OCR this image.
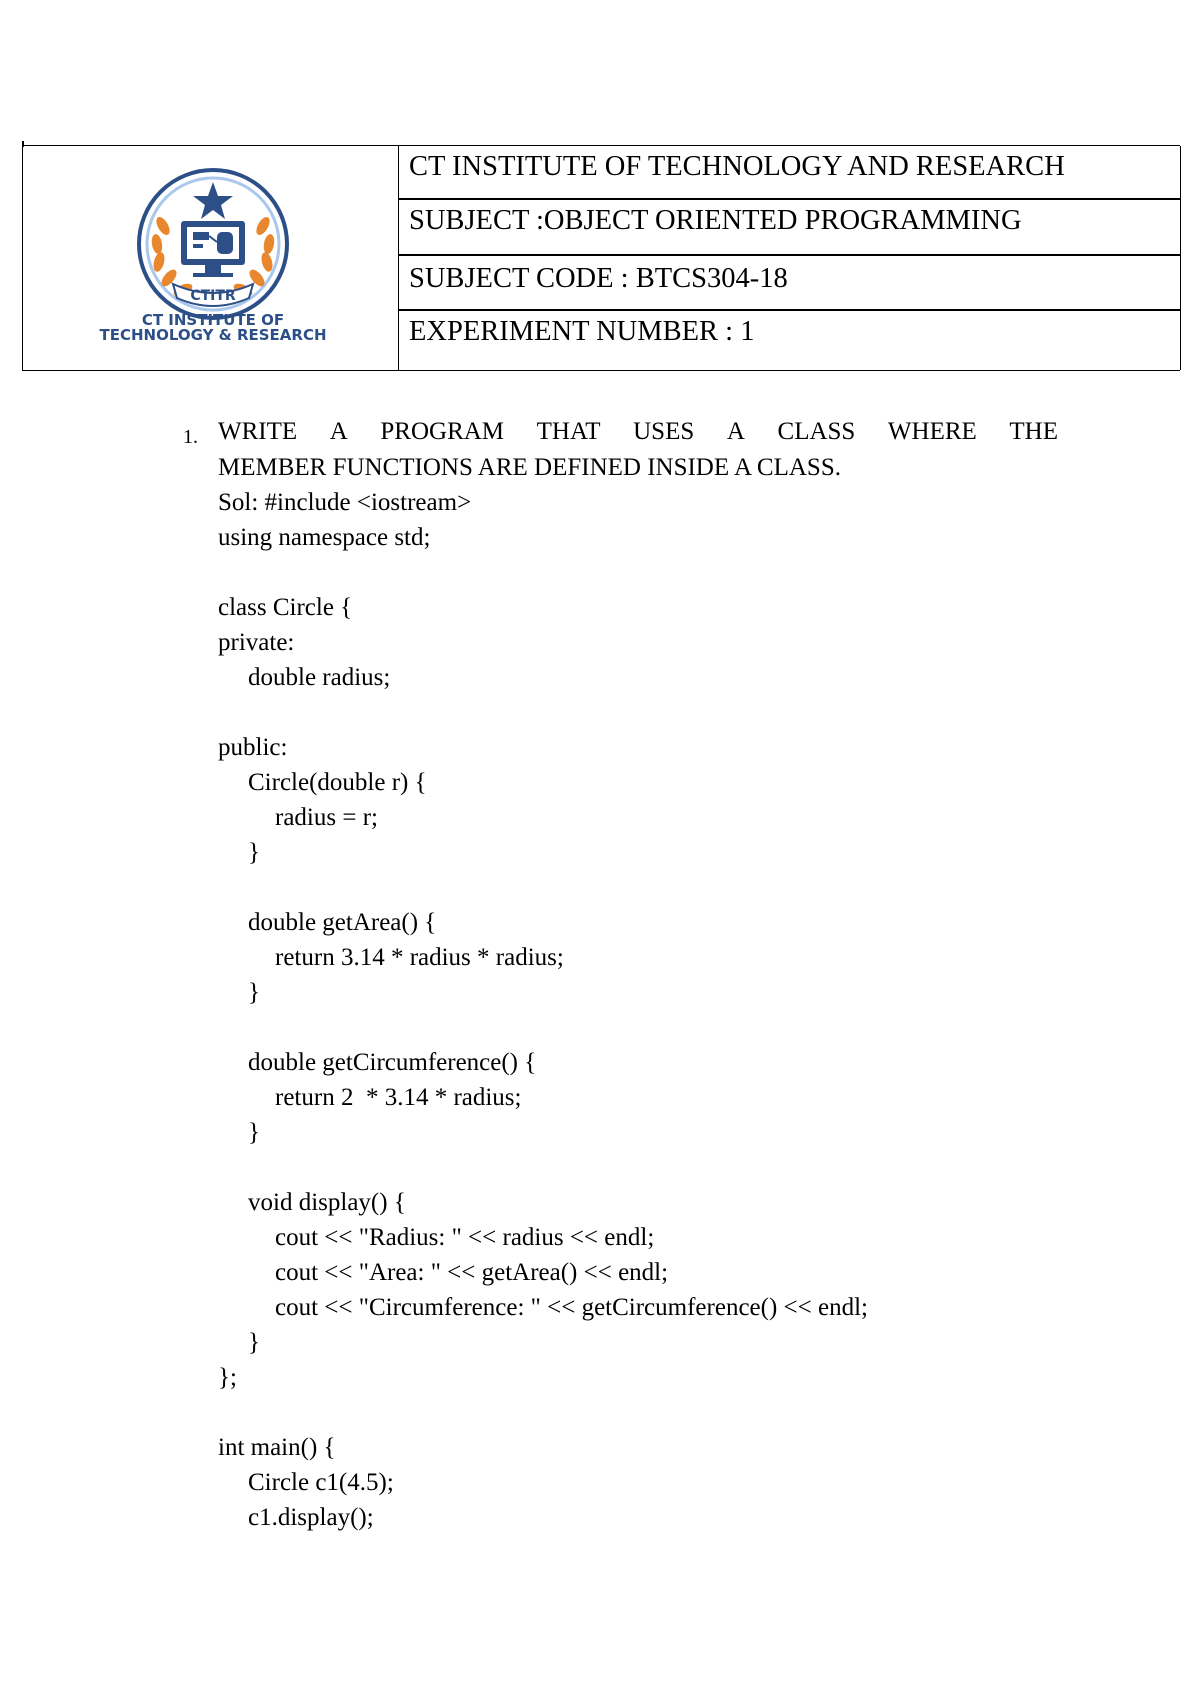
CTITR
CT INSTITUTE OF
TECHNOLOGY & RESEARCH
CT INSTITUTE OF TECHNOLOGY AND RESEARCH
SUBJECT :OBJECT ORIENTED PROGRAMMING
SUBJECT CODE : BTCS304-18
EXPERIMENT NUMBER : 1
1. WRITE A PROGRAM THAT USES A CLASS WHERE THE
MEMBER FUNCTIONS ARE DEFINED INSIDE A CLASS.
Sol: #include <iostream>
using namespace std;
class Circle {
private:
double radius;
public:
Circle(double r) {
radius = r;
}
double getArea() {
return 3.14 * radius * radius;
}
double getCircumference() {
return 2  * 3.14 * radius;
}
void display() {
cout << "Radius: " << radius << endl;
cout << "Area: " << getArea() << endl;
cout << "Circumference: " << getCircumference() << endl;
}
};
int main() {
Circle c1(4.5);
c1.display();
